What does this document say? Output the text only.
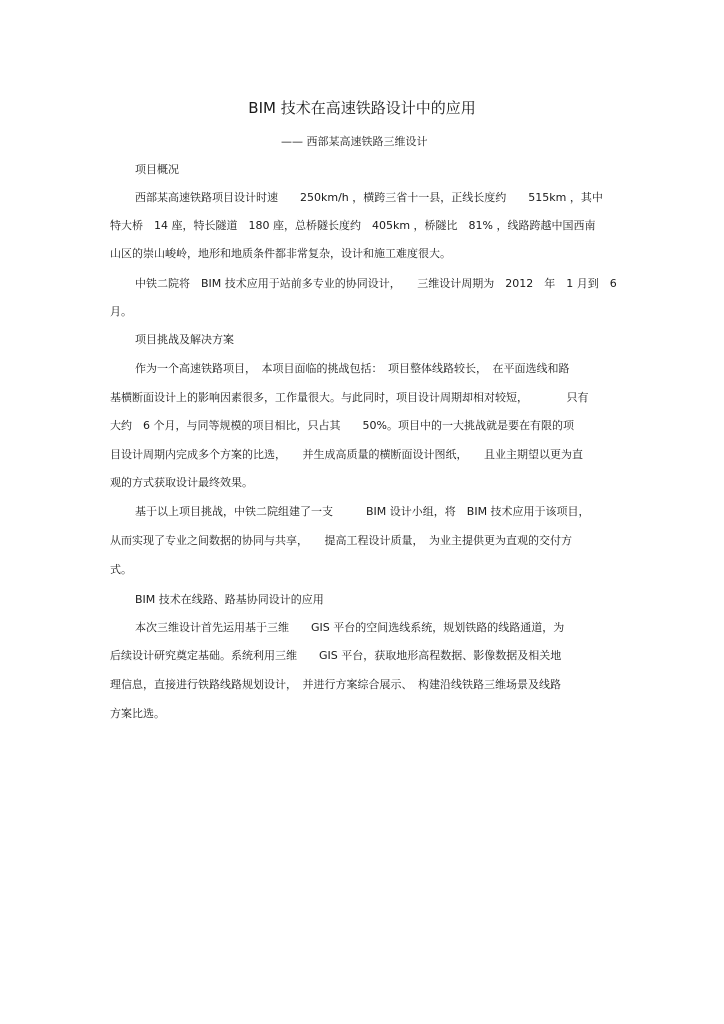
BIM 技术在高速铁路设计中的应用
—— 西部某高速铁路三维设计
项目概况
西部某高速铁路项目设计时速　　250km/h ，横跨三省十一县，正线长度约　　515km ，其中
特大桥　14 座，特长隧道　180 座，总桥隧长度约　405km ，桥隧比　81% ，线路跨越中国西南
山区的崇山峻岭，地形和地质条件都非常复杂，设计和施工难度很大。
中铁二院将　BIM 技术应用于站前多专业的协同设计，　　三维设计周期为　2012　年　1 月到　6
月。
项目挑战及解决方案
作为一个高速铁路项目，　本项目面临的挑战包括：　项目整体线路较长，　在平面选线和路
基横断面设计上的影响因素很多，工作量很大。与此同时，项目设计周期却相对较短，　　　　只有
大约　6 个月，与同等规模的项目相比，只占其　　50%。项目中的一大挑战就是要在有限的项
目设计周期内完成多个方案的比选，　　并生成高质量的横断面设计图纸，　　且业主期望以更为直
观的方式获取设计最终效果。
基于以上项目挑战，中铁二院组建了一支　　　BIM 设计小组，将　BIM 技术应用于该项目，
从而实现了专业之间数据的协同与共享，　　提高工程设计质量，　为业主提供更为直观的交付方
式。
BIM 技术在线路、路基协同设计的应用
本次三维设计首先运用基于三维　　GIS 平台的空间选线系统，规划铁路的线路通道，为
后续设计研究奠定基础。系统利用三维　　GIS 平台，获取地形高程数据、影像数据及相关地
理信息，直接进行铁路线路规划设计，　并进行方案综合展示、　构建沿线铁路三维场景及线路
方案比选。
